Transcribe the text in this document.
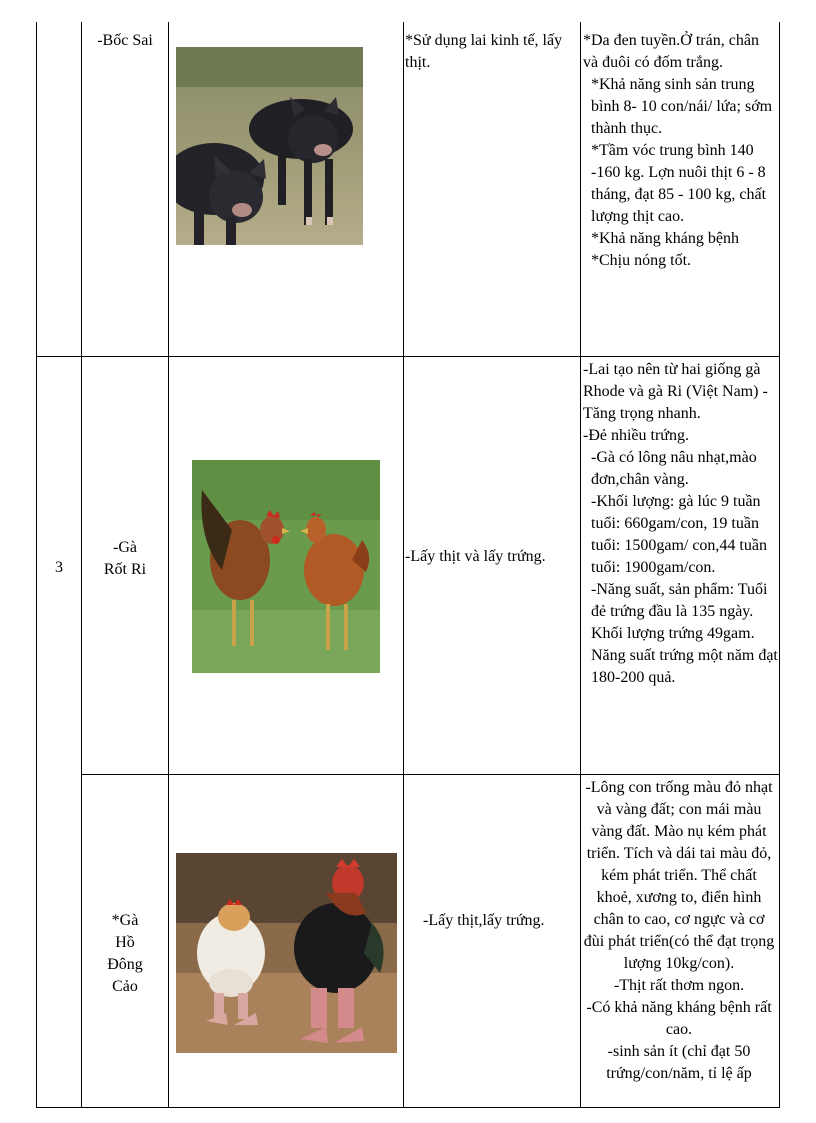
-Bốc Sai	*Sử dụng lai kinh tế, lấy thịt.

*Da đen tuyền.Ở trán, chân và đuôi có đốm trắng.

*Khả năng sinh sản trung bình 8- 10 con/nái/ lứa; sớm thành thục.

*Tầm vóc trung bình 140 -160 kg. Lợn nuôi thịt 6 - 8 tháng, đạt 85 - 100 kg, chất lượng thịt cao.

*Khả năng kháng bệnh

*Chịu nóng tốt.

3
-Gà Rốt Ri
-Lấy thịt và lấy trứng.

-Lai tạo nên từ hai giống gà Rhode và gà Ri (Việt Nam) -Tăng trọng nhanh.

-Đẻ nhiều trứng.

-Gà có lông nâu nhạt,mào đơn,chân vàng.

-Khối lượng: gà lúc 9 tuần tuổi: 660gam/con, 19 tuần tuổi: 1500gam/ con,44 tuần tuổi: 1900gam/con.

-Năng suất, sản phẩm: Tuổi đẻ trứng đầu là 135 ngày. Khối lượng trứng 49gam. Năng suất trứng một năm đạt 180-200 quả.

*Gà Hồ Đông Cảo
-Lấy thịt,lấy trứng.

-Lông con trống màu đỏ nhạt và vàng đất; con mái màu vàng đất. Mào nụ kém phát triển. Tích và dái tai màu đỏ, kém phát triển. Thể chất khoẻ, xương to, điển hình chân to cao, cơ ngực và cơ đùi phát triển(có thể đạt trọng lượng 10kg/con).

-Thịt rất thơm ngon.

-Có khả năng kháng bệnh rất cao.

-sinh sản ít (chỉ đạt 50 trứng/con/năm, tỉ lệ ấp
